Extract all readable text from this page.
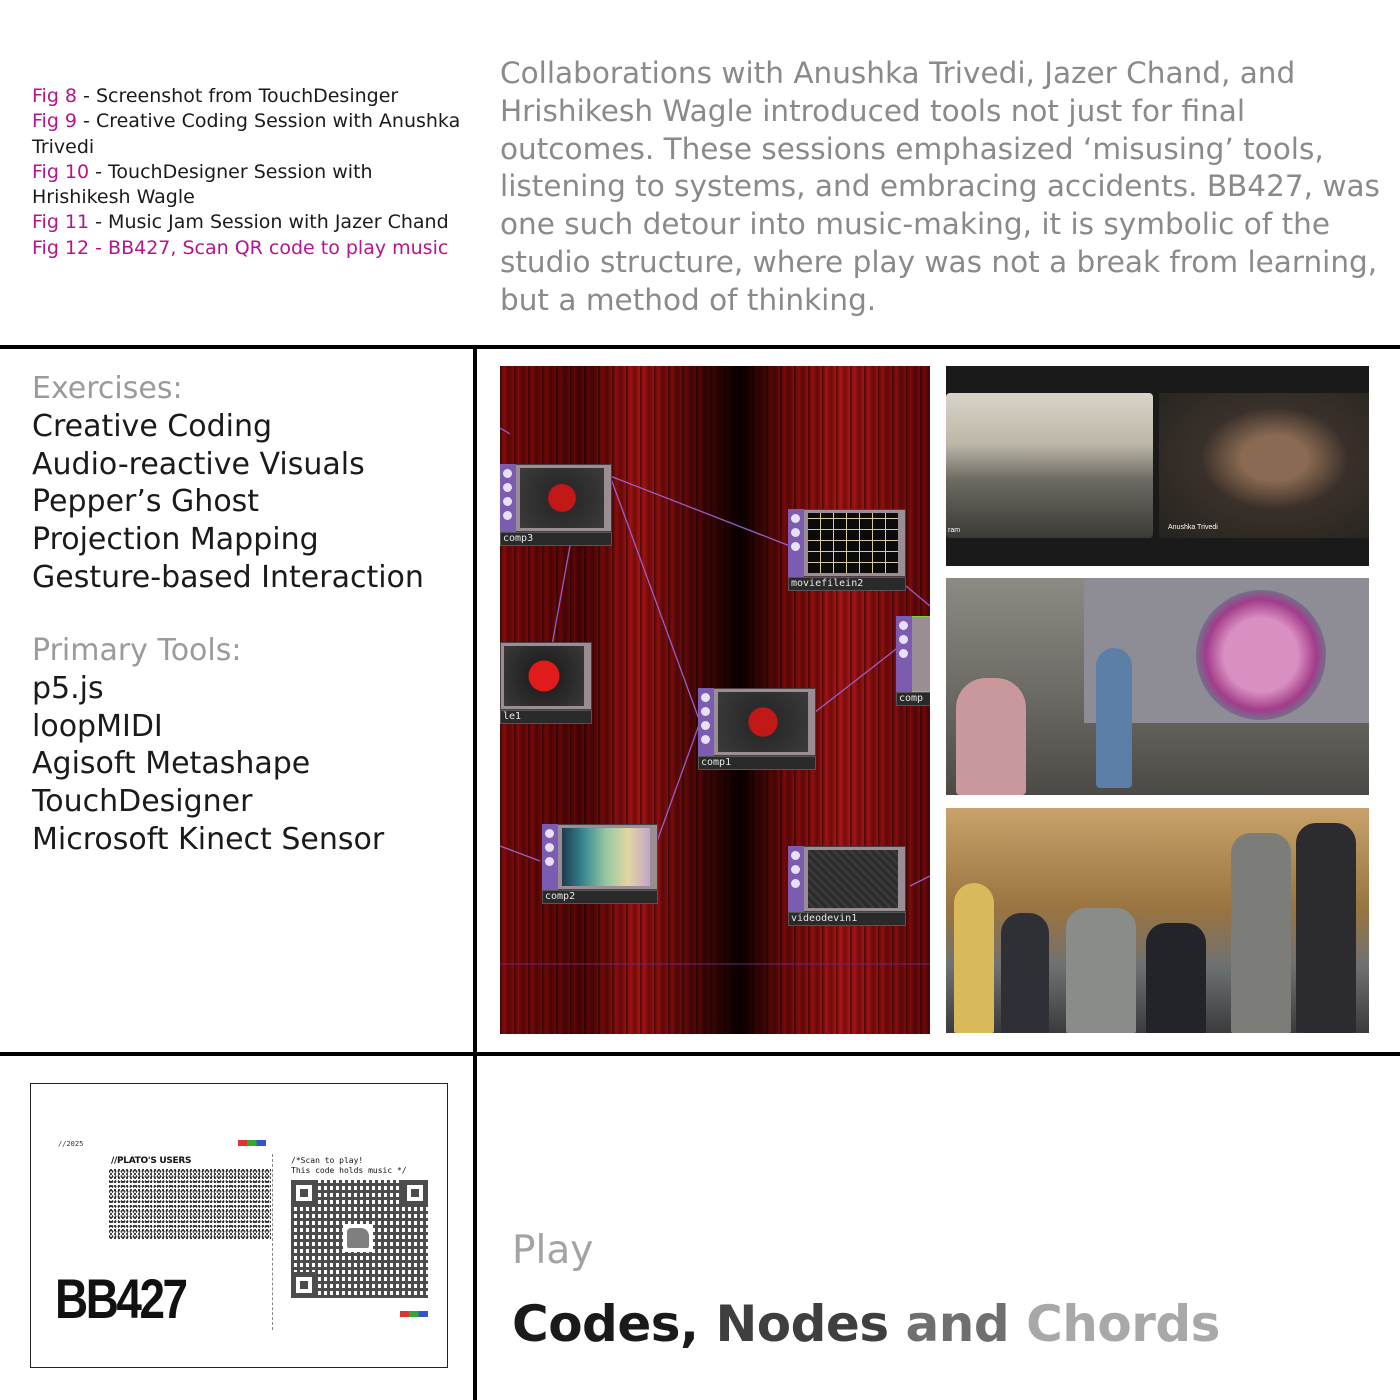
Fig 8 - Screenshot from TouchDesinger
Fig 9 - Creative Coding Session with Anushka Trivedi
Fig 10 - TouchDesigner Session with Hrishikesh Wagle
Fig 11 - Music Jam Session with Jazer Chand
Fig 12 - BB427, Scan QR code to play music

Collaborations with Anushka Trivedi, Jazer Chand, and Hrishikesh Wagle introduced tools not just for final outcomes. These sessions emphasized ‘misusing’ tools, listening to systems, and embracing accidents. BB427, was one such detour into music-making, it is symbolic of the studio structure, where play was not a break from learning, but a method of thinking.

Exercises:
Creative Coding
Audio-reactive Visuals
Pepper’s Ghost
Projection Mapping
Gesture-based Interaction
Primary Tools:
p5.js
loopMIDI
Agisoft Metashape
TouchDesigner
Microsoft Kinect Sensor
comp3
moviefilein2
le1
comp
comp1
comp2
videodevin1
ram	Anushka Trivedi
//2025
//PLATO'S USERS
BB427
/*Scan to play!
This code holds music */
Play
Codes, Nodes and Chords
